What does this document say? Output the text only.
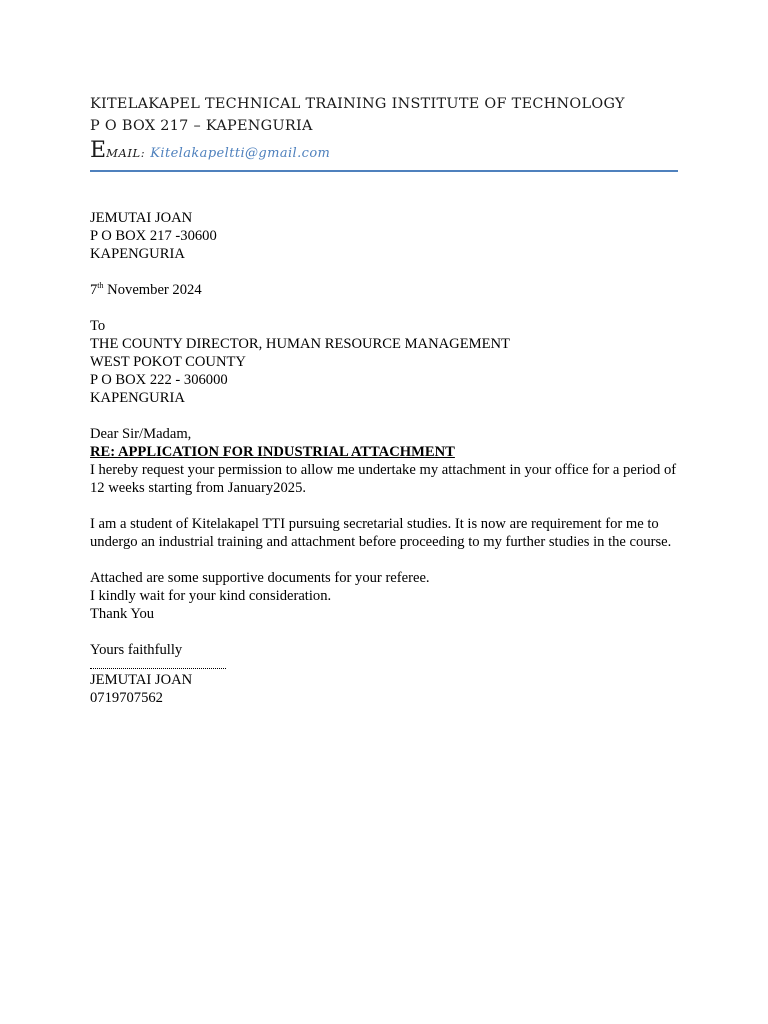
KITELAKAPEL TECHNICAL TRAINING INSTITUTE OF TECHNOLOGY
P O BOX 217 – KAPENGURIA
EMAIL: Kitelakapeltti@gmail.com
JEMUTAI JOAN
P O BOX 217 -30600
KAPENGURIA
7th November 2024
To
THE COUNTY DIRECTOR, HUMAN RESOURCE MANAGEMENT
WEST POKOT COUNTY
P O BOX 222 - 306000
KAPENGURIA
Dear Sir/Madam,
RE: APPLICATION FOR INDUSTRIAL ATTACHMENT
I hereby request your permission to allow me undertake my attachment in your office for a period of 12 weeks starting from January2025.
I am a student of Kitelakapel TTI pursuing secretarial studies. It is now are requirement for me to undergo an industrial training and attachment before proceeding to my further studies in the course.
Attached are some supportive documents for your referee.
I kindly wait for your kind consideration.
Thank You
Yours faithfully
JEMUTAI JOAN
0719707562
